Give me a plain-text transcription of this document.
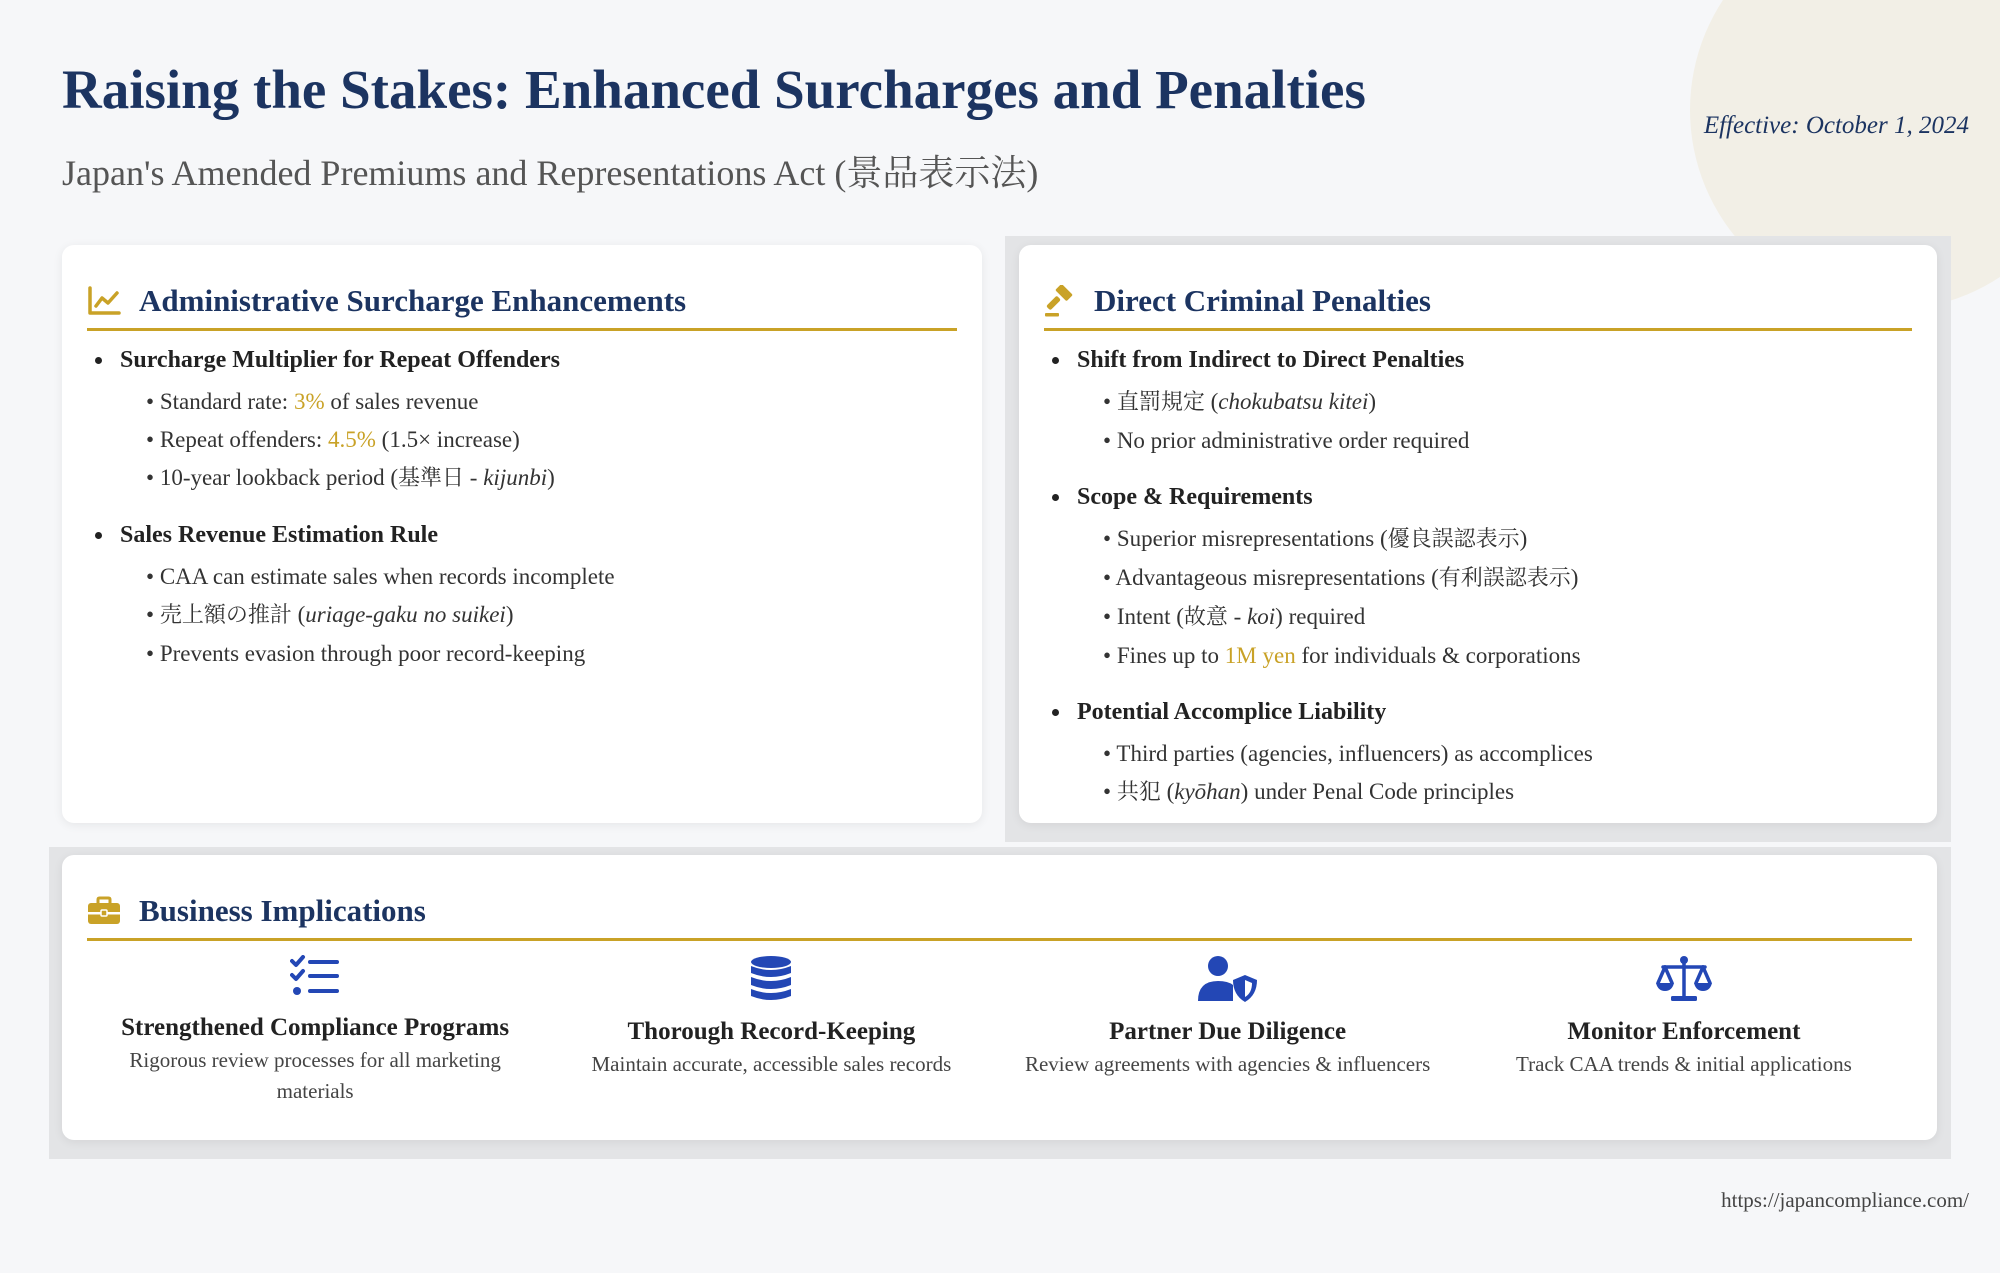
Raising the Stakes: Enhanced Surcharges and Penalties

Japan's Amended Premiums and Representations Act (景品表示法)

Effective: October 1, 2024
Administrative Surcharge Enhancements
Surcharge Multiplier for Repeat Offenders
• Standard rate: 3% of sales revenue
• Repeat offenders: 4.5% (1.5× increase)
• 10-year lookback period (基準日 - kijunbi)
Sales Revenue Estimation Rule
• CAA can estimate sales when records incomplete
• 売上額の推計 (uriage-gaku no suikei)
• Prevents evasion through poor record-keeping
Direct Criminal Penalties
Shift from Indirect to Direct Penalties
• 直罰規定 (chokubatsu kitei)
• No prior administrative order required
Scope & Requirements
• Superior misrepresentations (優良誤認表示)
• Advantageous misrepresentations (有利誤認表示)
• Intent (故意 - koi) required
• Fines up to 1M yen for individuals & corporations
Potential Accomplice Liability
• Third parties (agencies, influencers) as accomplices
• 共犯 (kyōhan) under Penal Code principles
Business Implications
Strengthened Compliance Programs
Rigorous review processes for all marketing materials
Thorough Record-Keeping
Maintain accurate, accessible sales records
Partner Due Diligence
Review agreements with agencies & influencers
Monitor Enforcement
Track CAA trends & initial applications
https://japancompliance.com/
